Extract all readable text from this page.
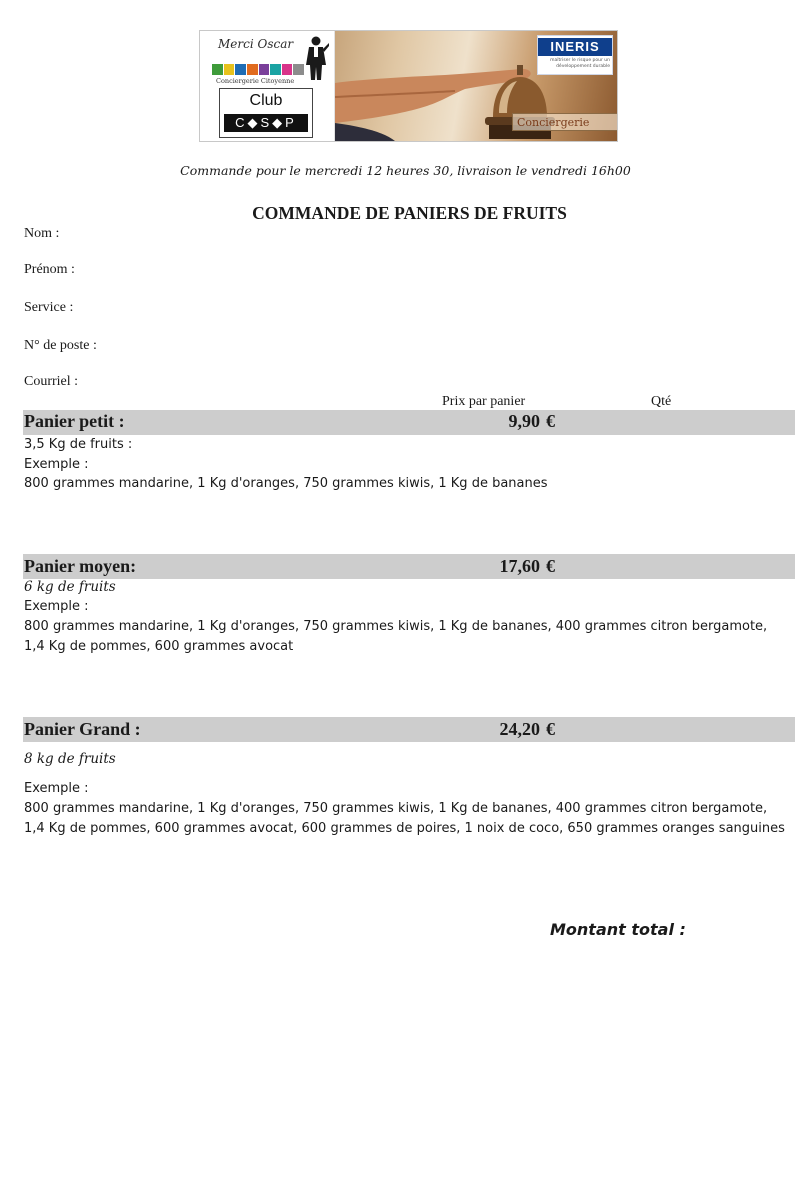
Merci Oscar
Conciergerie Citoyenne
Club
C◆S◆P
INERIS
maîtriser le risque pour un développement durable
Conciergerie
Commande pour le mercredi 12 heures 30, livraison le vendredi 16h00
COMMANDE DE PANIERS DE FRUITS
Nom :
Prénom :
Service :
N° de poste :
Courriel :
Prix par panier	Qté
Panier petit :	9,90 €
3,5 Kg de fruits :
Exemple :
800 grammes mandarine, 1 Kg d'oranges, 750 grammes kiwis, 1 Kg de bananes
Panier moyen:	17,60 €
6 kg de fruits
Exemple :
800 grammes mandarine, 1 Kg d'oranges, 750 grammes kiwis, 1 Kg de bananes, 400 grammes citron bergamote,
1,4 Kg de pommes, 600 grammes avocat
Panier Grand :	24,20 €
8 kg de fruits
Exemple :
800 grammes mandarine, 1 Kg d'oranges, 750 grammes kiwis, 1 Kg de bananes, 400 grammes citron bergamote,
1,4 Kg de pommes, 600 grammes avocat, 600 grammes de poires, 1 noix de coco, 650 grammes oranges sanguines
Montant total :
